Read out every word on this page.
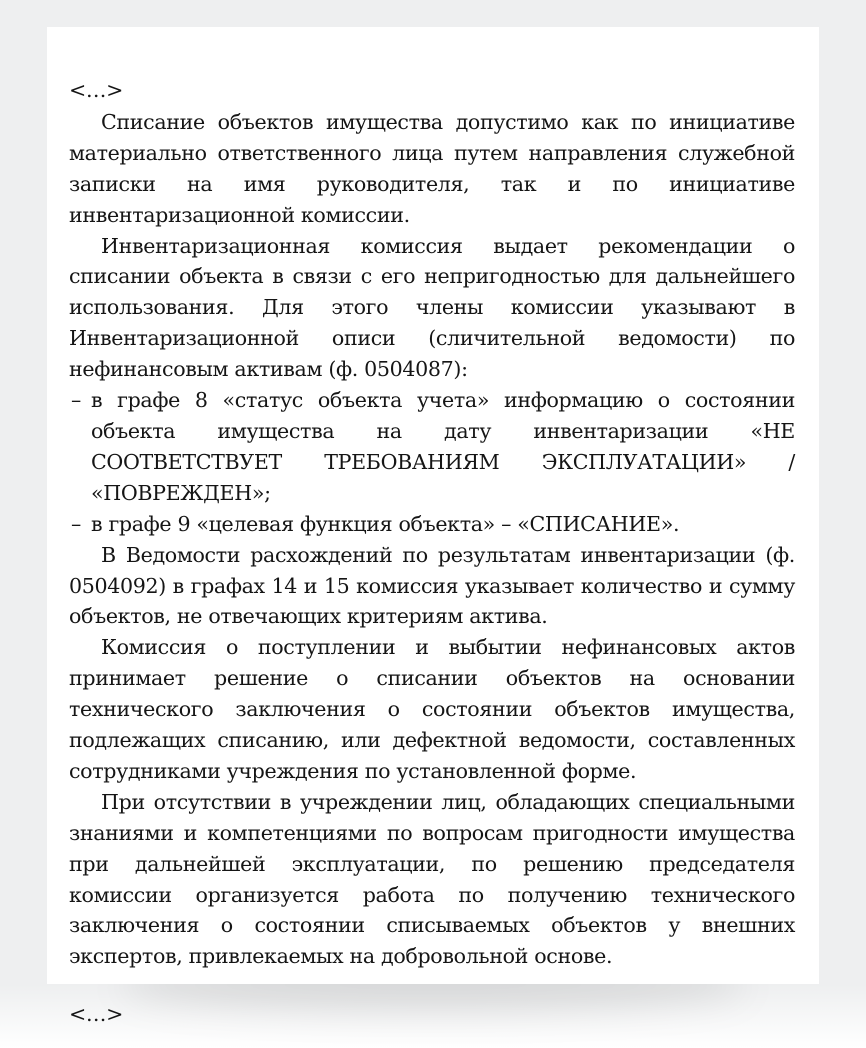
<…>

Списание объектов имущества допустимо как по инициативе материально ответственного лица путем направления служебной записки на имя руководителя, так и по инициативе инвентаризационной комиссии.

Инвентаризационная комиссия выдает рекомендации о списании объекта в связи с его непригодностью для дальнейшего использования. Для этого члены комиссии указывают в Инвентаризационной описи (сличительной ведомости) по нефинансовым активам (ф. 0504087):

– в графе 8 «статус объекта учета» информацию о состоянии объекта имущества на дату инвентаризации «НЕ СООТВЕТСТВУЕТ ТРЕБОВАНИЯМ ЭКСПЛУАТАЦИИ» / «ПОВРЕЖДЕН»;
– в графе 9 «целевая функция объекта» – «СПИСАНИЕ».

В Ведомости расхождений по результатам инвентаризации (ф. 0504092) в графах 14 и 15 комиссия указывает количество и сумму объектов, не отвечающих критериям актива.

Комиссия о поступлении и выбытии нефинансовых актов принимает решение о списании объектов на основании технического заключения о состоянии объектов имущества, подлежащих списанию, или дефектной ведомости, составленных сотрудниками учреждения по установленной форме.

При отсутствии в учреждении лиц, обладающих специальными знаниями и компетенциями по вопросам пригодности имущества при дальнейшей эксплуатации, по решению председателя комиссии организуется работа по получению технического заключения о состоянии списываемых объектов у внешних экспертов, привлекаемых на добровольной основе.

<…>
